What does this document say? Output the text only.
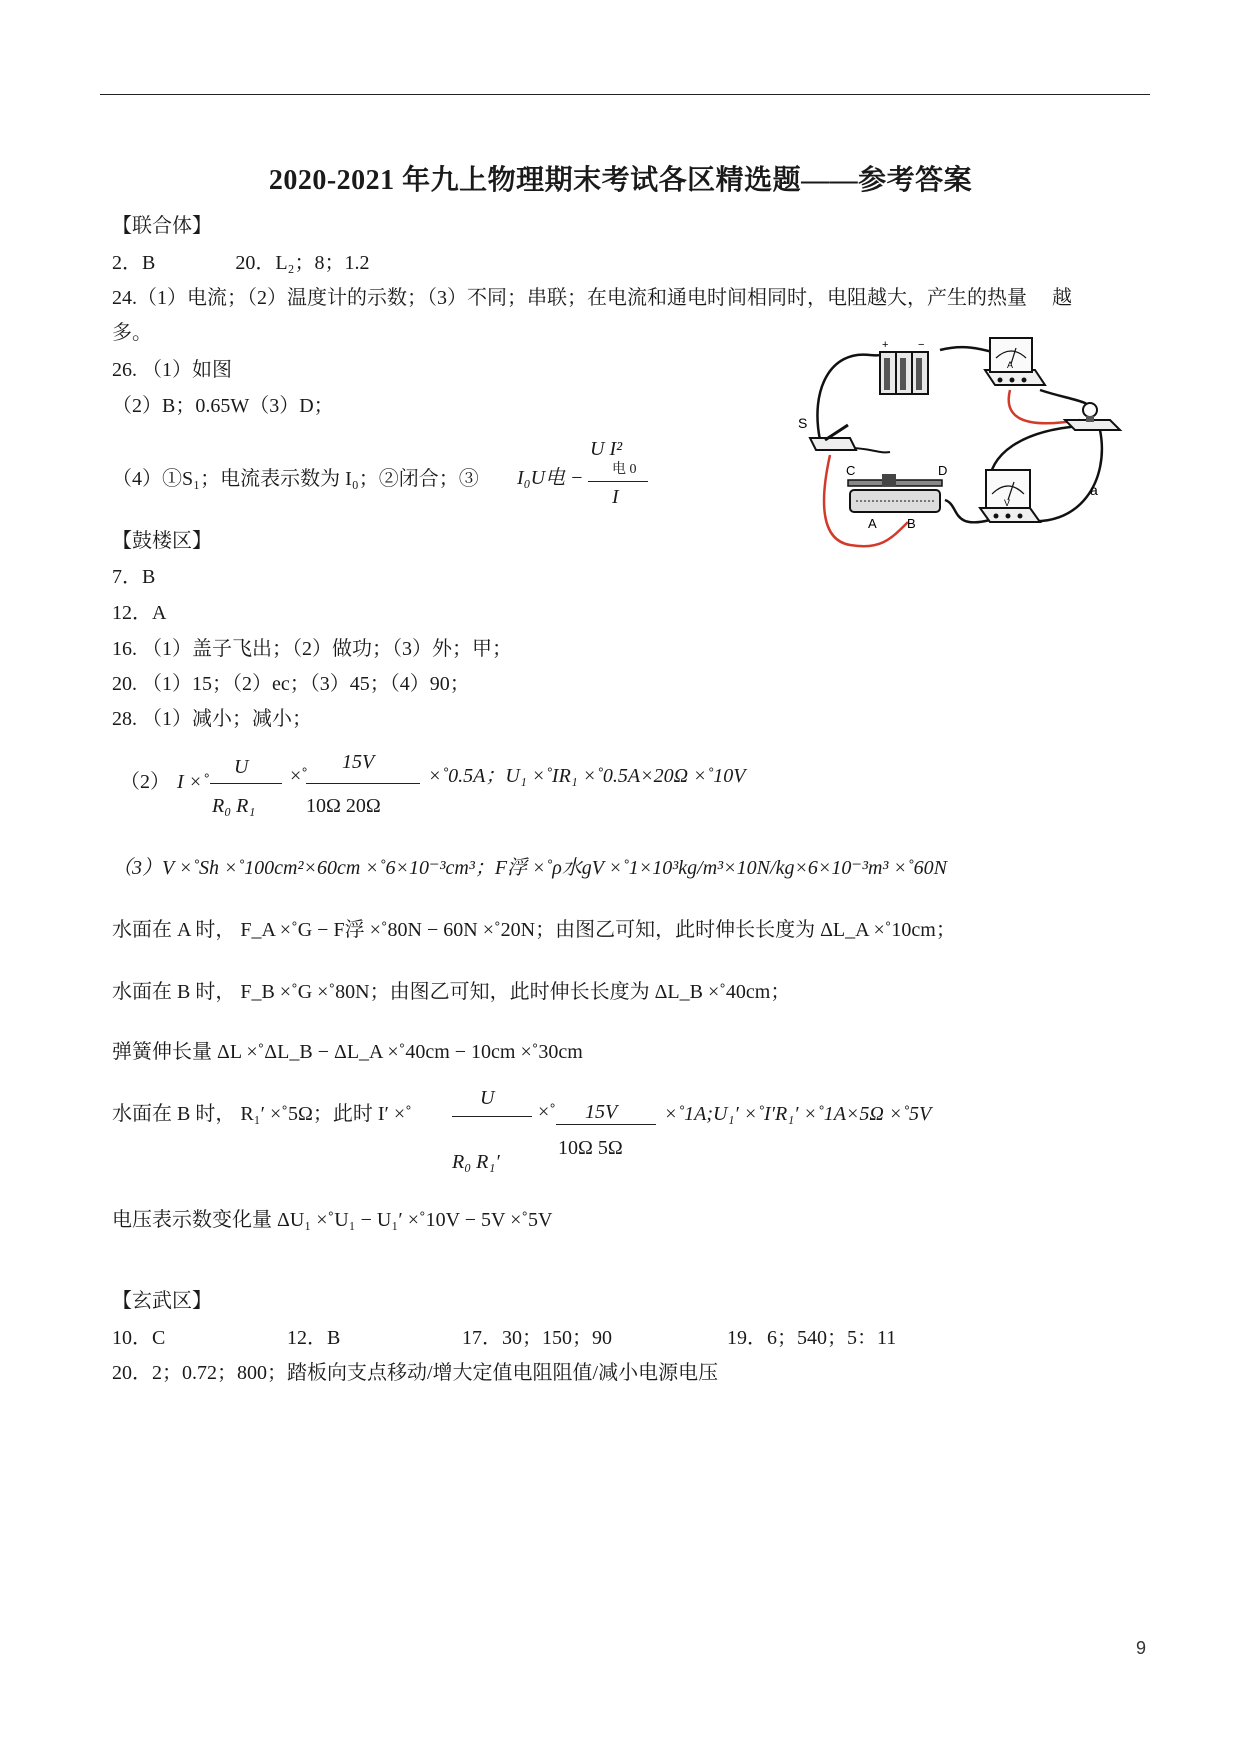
2020-2021 年九上物理期末考试各区精选题——参考答案
【联合体】
2．B　　　　20．L₂；8；1.2
24.（1）电流；（2）温度计的示数；（3）不同；串联；在电流和通电时间相同时，电阻越大，产生的热量　 越
多。
26. （1）如图
（2）B；0.65W（3）D；
（4）①S₁；电流表示数为 I₀；②闭合；③ I₀U电 −
U I²
电 0
I
+	−
A
S
C	D
A B
V
a
【鼓楼区】
7．B
12．A
16. （1）盖子飞出；（2）做功；（3）外；甲；
20. （1）15；（2）ec；（3）45；（4）90；
28. （1）减小；减小；
（2） I ×˚
U
R₀ R₁
×˚
15V
10Ω 20Ω
×˚0.5A；U₁ ×˚IR₁ ×˚0.5A×20Ω ×˚10V
（3）V ×˚Sh ×˚100cm²×60cm ×˚6×10⁻³cm³；F浮 ×˚ρ水gV ×˚1×10³kg/m³×10N/kg×6×10⁻³m³ ×˚60N
水面在 A 时， F_A ×˚G − F浮 ×˚80N − 60N ×˚20N；由图乙可知，此时伸长长度为 ΔL_A ×˚10cm；
水面在 B 时， F_B ×˚G ×˚80N；由图乙可知，此时伸长长度为 ΔL_B ×˚40cm；
弹簧伸长量 ΔL ×˚ΔL_B − ΔL_A ×˚40cm − 10cm ×˚30cm
水面在 B 时， R₁′ ×˚5Ω；此时 I′ ×˚
U
R₀ R₁′
×˚ 15V
10Ω 5Ω
×˚1A;U₁′ ×˚I′R₁′ ×˚1A×5Ω ×˚5V
电压表示数变化量 ΔU₁ ×˚U₁ − U₁′ ×˚10V − 5V ×˚5V
【玄武区】
10．C	12．B	17．30；150；90	19．6；540；5：11
20．2；0.72；800；踏板向支点移动/增大定值电阻阻值/减小电源电压
9
